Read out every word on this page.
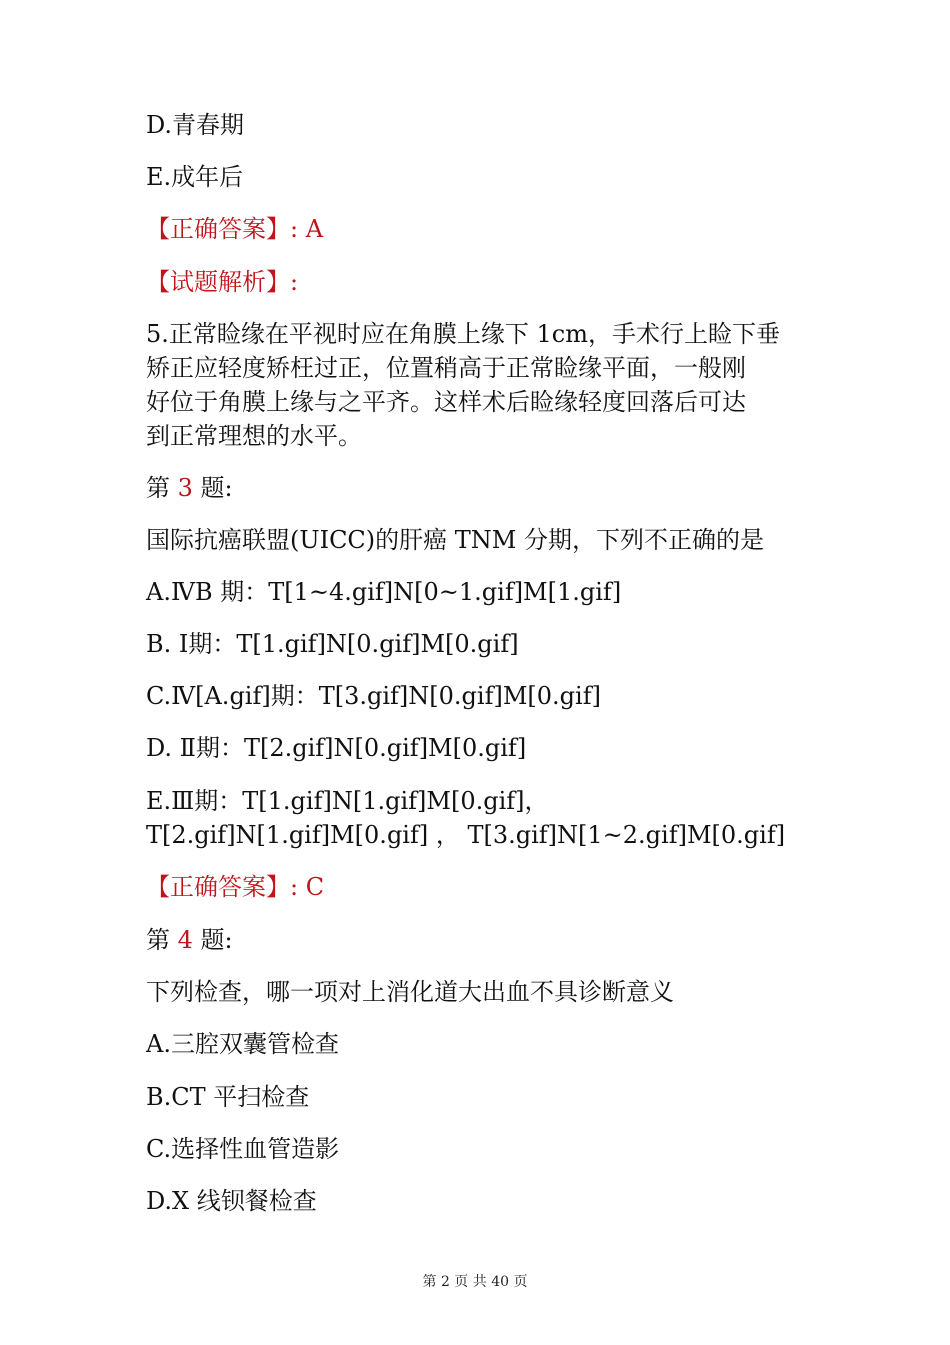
D.青春期

E.成年后

【正确答案】: A

【试题解析】:

5.正常睑缘在平视时应在角膜上缘下 1cm，手术行上睑下垂
矫正应轻度矫枉过正，位置稍高于正常睑缘平面，一般刚
好位于角膜上缘与之平齐。这样术后睑缘轻度回落后可达
到正常理想的水平。

第 3 题:

国际抗癌联盟(UICC)的肝癌 TNM 分期，下列不正确的是

A.ⅣB 期：T[1~4.gif]N[0~1.gif]M[1.gif]

B. Ⅰ期：T[1.gif]N[0.gif]M[0.gif]

C.Ⅳ[A.gif]期：T[3.gif]N[0.gif]M[0.gif]

D. Ⅱ期：T[2.gif]N[0.gif]M[0.gif]

E.Ⅲ期：T[1.gif]N[1.gif]M[0.gif]，

T[2.gif]N[1.gif]M[0.gif] ， T[3.gif]N[1~2.gif]M[0.gif]

【正确答案】: C

第 4 题:

下列检查，哪一项对上消化道大出血不具诊断意义

A.三腔双囊管检查

B.CT 平扫检查

C.选择性血管造影

D.X 线钡餐检查

第 2 页 共 40 页
